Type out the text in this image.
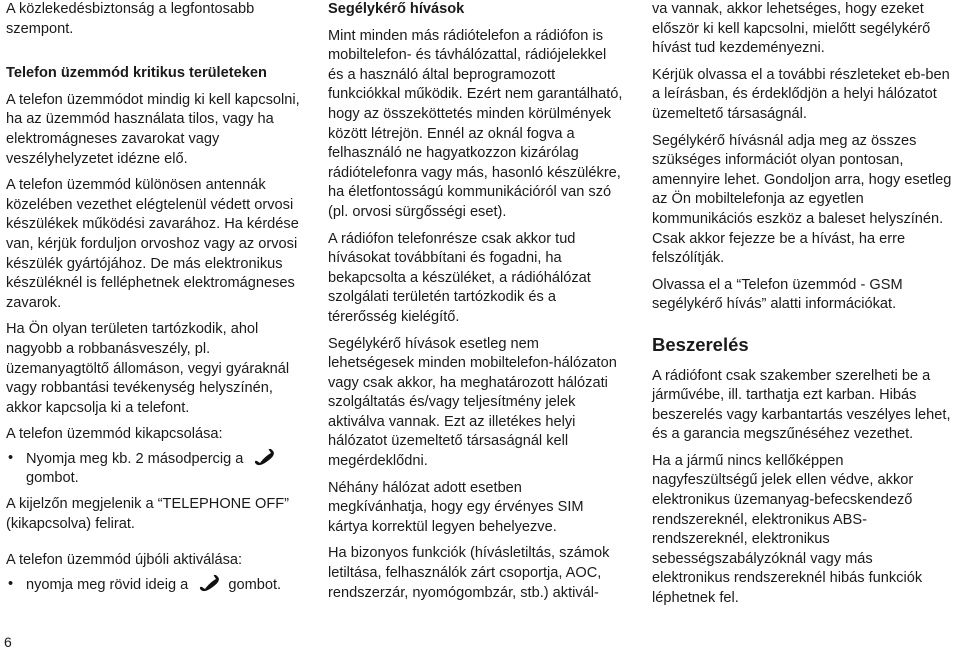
A közlekedésbiztonság a legfontosabb szempont.

Telefon üzemmód kritikus területeken

A telefon üzemmódot mindig ki kell kapcsolni, ha az üzemmód használata tilos, vagy ha elektromágneses zavarokat vagy veszélyhelyzetet idézne elő.

A telefon üzemmód különösen antennák közelében vezethet elégtelenül védett orvosi készülékek működési zavarához. Ha kérdése van, kérjük forduljon orvoshoz vagy az orvosi készülék gyártójához. De más elektronikus készüléknél is felléphetnek elektromágneses zavarok.

Ha Ön olyan területen tartózkodik, ahol nagyobb a robbanásveszély, pl. üzemanyagtöltő állomáson, vegyi gyáraknál vagy robbantási tevékenység helyszínén, akkor kapcsolja ki a telefont.

A telefon üzemmód kikapcsolása:

• Nyomja meg kb. 2 másodpercig a
gombot.

A kijelzőn megjelenik a “TELEPHONE OFF” (kikapcsolva) felirat.

A telefon üzemmód újbóli aktiválása:

• nyomja meg rövid ideig a	gombot.
Segélykérő hívások

Mint minden más rádiótelefon a rádiófon is mobiltelefon- és távhálózattal, rádiójelekkel és a használó által beprogramozott funkciókkal működik. Ezért nem garantálható, hogy az összeköttetés minden körülmények között létrejön. Ennél az oknál fogva a felhasználó ne hagyatkozzon kizárólag rádiótelefonra vagy más, hasonló készülékre, ha életfontosságú kommunikációról van szó (pl. orvosi sürgősségi eset).

A rádiófon telefonrésze csak akkor tud hívásokat továbbítani és fogadni, ha bekapcsolta a készüléket, a rádióhálózat szolgálati területén tartózkodik és a térerősség kielégítő.

Segélykérő hívások esetleg nem lehetségesek minden mobiltelefon-hálózaton vagy csak akkor, ha meghatározott hálózati szolgáltatás és/vagy teljesítmény jelek aktiválva vannak. Ezt az illetékes helyi hálózatot üzemeltető társaságnál kell megérdeklődni.

Néhány hálózat adott esetben megkívánhatja, hogy egy érvényes SIM kártya korrektül legyen behelyezve.

Ha bizonyos funkciók (hívásletiltás, számok letiltása, felhasználók zárt csoportja, AOC, rendszerzár, nyomógombzár, stb.) aktivál-

va vannak, akkor lehetséges, hogy ezeket először ki kell kapcsolni, mielőtt segélykérő hívást tud kezdeményezni.

Kérjük olvassa el a további részleteket eb-ben a leírásban, és érdeklődjön a helyi hálózatot üzemeltető társaságnál.

Segélykérő hívásnál adja meg az összes szükséges információt olyan pontosan, amennyire lehet. Gondoljon arra, hogy esetleg az Ön mobiltelefonja az egyetlen kommunikációs eszköz a baleset helyszínén. Csak akkor fejezze be a hívást, ha erre felszólítják.

Olvassa el a “Telefon üzemmód - GSM segélykérő hívás” alatti információkat.

Beszerelés

A rádiófont csak szakember szerelheti be a járművébe, ill. tarthatja ezt karban. Hibás beszerelés vagy karbantartás veszélyes lehet, és a garancia megszűnéséhez vezethet.

Ha a jármű nincs kellőképpen nagyfeszültségű jelek ellen védve, akkor elektronikus üzemanyag-befecskendező rendszereknél, elektronikus ABS-rendszereknél, elektronikus sebességszabályzóknál vagy más elektronikus rendszereknél hibás funkciók léphetnek fel.

6
